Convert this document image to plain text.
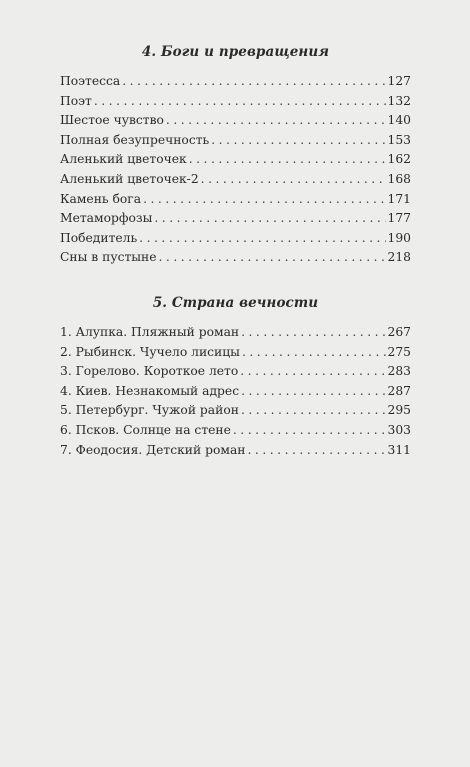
4. Боги и превращения
Поэтесса . . .	127
Поэт . . .	132
Шестое чувство . . .	140
Полная безупречность . . .	153
Аленький цветочек . . .	162
Аленький цветочек-2 . . .	168
Камень бога . . .	171
Метаморфозы . . .	177
Победитель . . .	190
Сны в пустыне . . .	218
5. Страна вечности
1. Алупка. Пляжный роман . . .	267
2. Рыбинск. Чучело лисицы . . .	275
3. Горелово. Короткое лето . . .	283
4. Киев. Незнакомый адрес . . .	287
5. Петербург. Чужой район . . .	295
6. Псков. Солнце на стене . . .	303
7. Феодосия. Детский роман . . .	311
